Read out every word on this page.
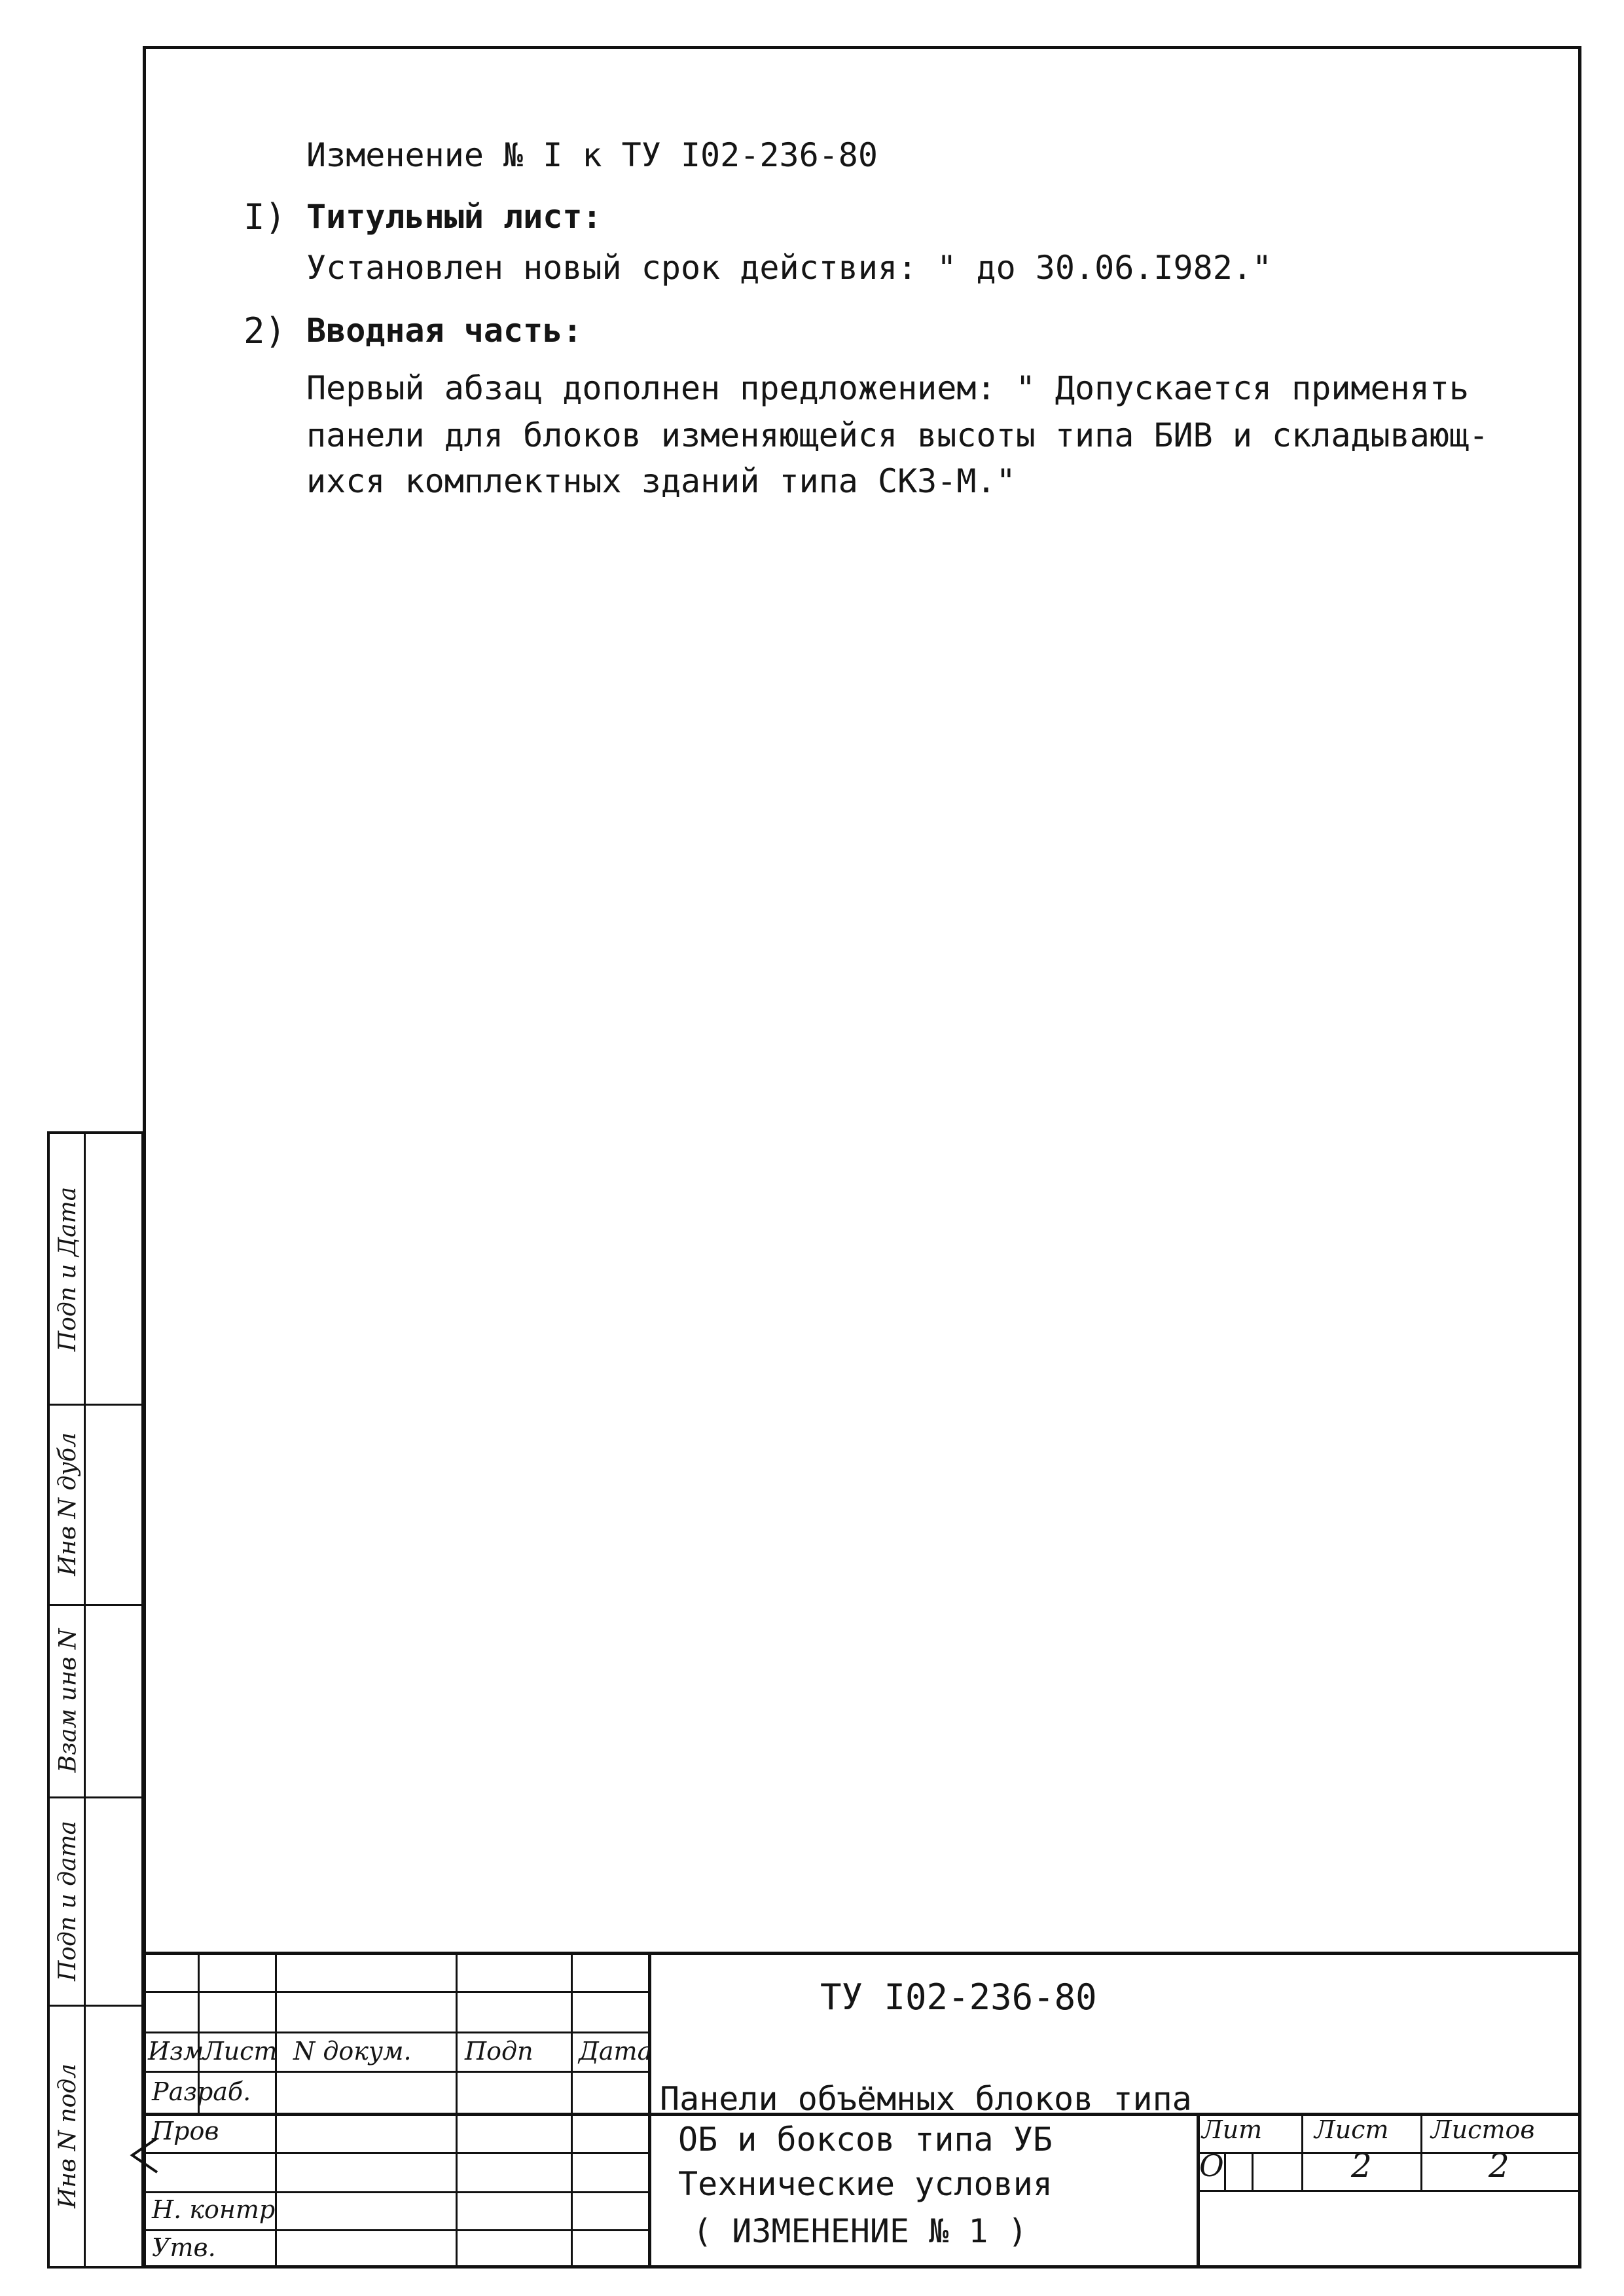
Изменение № I к ТУ I02-236-80
I) Титульный лист:
Установлен новый срок действия: " до 30.06.I982."
2) Вводная часть:
Первый абзац дополнен предложением: " Допускается применять
панели для блоков изменяющейся высоты типа БИВ и складывающ-
ихся комплектных зданий типа СКЗ-М."
Подп и Дата
Инв N дубл
Взам инв N
Подп и дата
Инв N подл
Изм
Лист N докум. Подп Дата
Разраб.
Пров
Н. контр
Утв.
ТУ I02-236-80
Панели объёмных блоков типа
ОБ и боксов типа УБ
Технические условия
( ИЗМЕНЕНИЕ № 1 )
Лит Лист Листов
О	2	2
